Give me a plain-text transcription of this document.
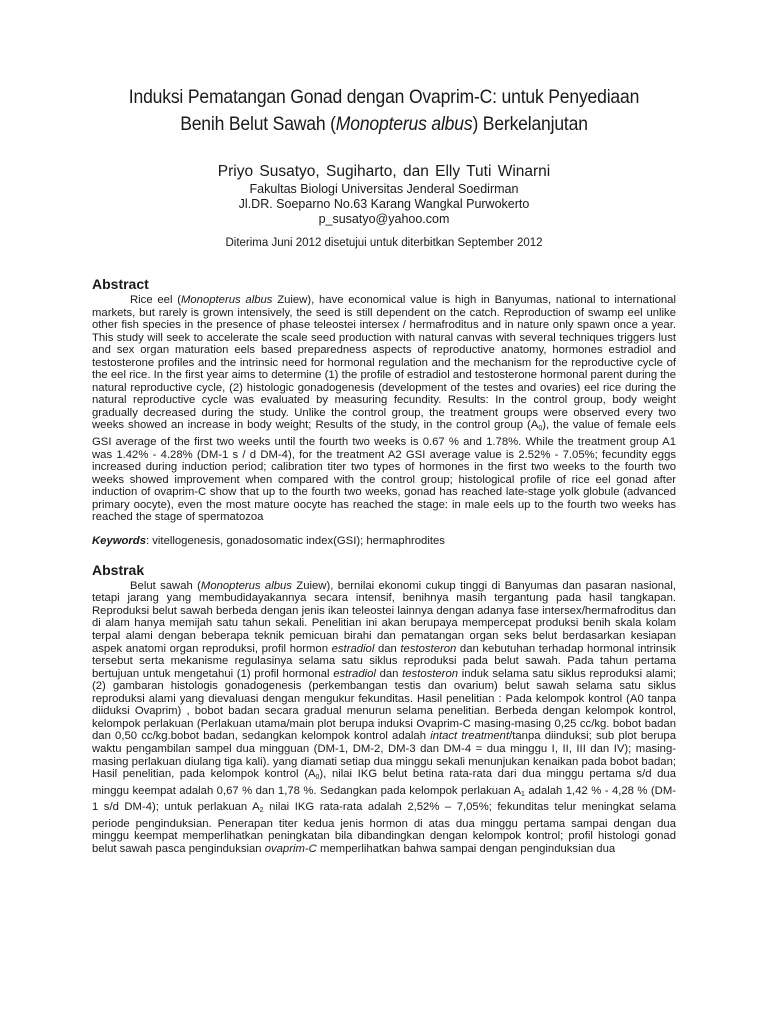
Induksi Pematangan Gonad dengan Ovaprim-C: untuk Penyediaan
Benih Belut Sawah (Monopterus albus) Berkelanjutan
Priyo Susatyo, Sugiharto, dan Elly Tuti Winarni
Fakultas Biologi Universitas Jenderal Soedirman
Jl.DR. Soeparno No.63 Karang Wangkal Purwokerto
p_susatyo@yahoo.com
Diterima Juni 2012 disetujui untuk diterbitkan September 2012
Abstract

Rice eel (Monopterus albus Zuiew), have economical value is high in Banyumas, national to international markets, but rarely is grown intensively, the seed is still dependent on the catch. Reproduction of swamp eel unlike other fish species in the presence of phase teleostei intersex / hermafroditus and in nature only spawn once a year. This study will seek to accelerate the scale seed production with natural canvas with several techniques triggers lust and sex organ maturation eels based preparedness aspects of reproductive anatomy, hormones estradiol and testosterone profiles and the intrinsic need for hormonal regulation and the mechanism for the reproductive cycle of the eel rice. In the first year aims to determine (1) the profile of estradiol and testosterone hormonal parent during the natural reproductive cycle, (2) histologic gonadogenesis (development of the testes and ovaries) eel rice during the natural reproductive cycle was evaluated by measuring fecundity. Results: In the control group, body weight gradually decreased during the study. Unlike the control group, the treatment groups were observed every two weeks showed an increase in body weight; Results of the study, in the control group $(A_0)$, the value of female eels GSI average of the first two weeks until the fourth two weeks is 0.67 % and 1.78%. While the treatment group A1 was 1.42% - 4.28% (DM-1 s / d DM-4), for the treatment A2 GSI average value is 2.52% - 7.05%; fecundity eggs increased during induction period; calibration titer two types of hormones in the first two weeks to the fourth two weeks showed improvement when compared with the control group; histological profile of rice eel gonad after induction of ovaprim-C show that up to the fourth two weeks, gonad has reached late-stage yolk globule (advanced primary oocyte), even the most mature oocyte has reached the stage: in male eels up to the fourth two weeks has reached the stage of spermatozoa

Keywords: vitellogenesis, gonadosomatic index(GSI); hermaphrodites
Abstrak

Belut sawah (Monopterus albus Zuiew), bernilai ekonomi cukup tinggi di Banyumas dan pasaran nasional, tetapi jarang yang membudidayakannya secara intensif, benihnya masih tergantung pada hasil tangkapan. Reproduksi belut sawah berbeda dengan jenis ikan teleostei lainnya dengan adanya fase intersex/hermafroditus dan di alam hanya memijah satu tahun sekali. Penelitian ini akan berupaya mempercepat produksi benih skala kolam terpal alami dengan beberapa teknik pemicuan birahi dan pematangan organ seks belut berdasarkan kesiapan aspek anatomi organ reproduksi, profil hormon estradiol dan testosteron dan kebutuhan terhadap hormonal intrinsik tersebut serta mekanisme regulasinya selama satu siklus reproduksi pada belut sawah. Pada tahun pertama bertujuan untuk mengetahui (1) profil hormonal estradiol dan testosteron induk selama satu siklus reproduksi alami; (2) gambaran histologis gonadogenesis (perkembangan testis dan ovarium) belut sawah selama satu siklus reproduksi alami yang dievaluasi dengan mengukur fekunditas. Hasil penelitian : Pada kelompok kontrol (A0 tanpa diiduksi Ovaprim) , bobot badan secara gradual menurun selama penelitian. Berbeda dengan kelompok kontrol, kelompok perlakuan (Perlakuan utama/main plot berupa induksi Ovaprim-C masing-masing 0,25 cc/kg. bobot badan dan 0,50 cc/kg.bobot badan, sedangkan kelompok kontrol adalah intact treatment/tanpa diinduksi; sub plot berupa waktu pengambilan sampel dua mingguan (DM-1, DM-2, DM-3 dan DM-4 = dua minggu I, II, III dan IV); masing-masing perlakuan diulang tiga kali). yang diamati setiap dua minggu sekali menunjukan kenaikan pada bobot badan; Hasil penelitian, pada kelompok kontrol $(A_0)$, nilai IKG belut betina rata-rata dari dua minggu pertama s/d dua minggu keempat adalah 0,67 % dan 1,78 %. Sedangkan pada kelompok perlakuan $A_1$ adalah 1,42 % - 4,28 % (DM-1 s/d DM-4); untuk perlakuan $A_2$ nilai IKG rata-rata adalah 2,52% – 7,05%; fekunditas telur meningkat selama periode penginduksian. Penerapan titer kedua jenis hormon di atas dua minggu pertama sampai dengan dua minggu keempat memperlihatkan peningkatan bila dibandingkan dengan kelompok kontrol; profil histologi gonad belut sawah pasca penginduksian ovaprim-C memperlihatkan bahwa sampai dengan penginduksian dua
